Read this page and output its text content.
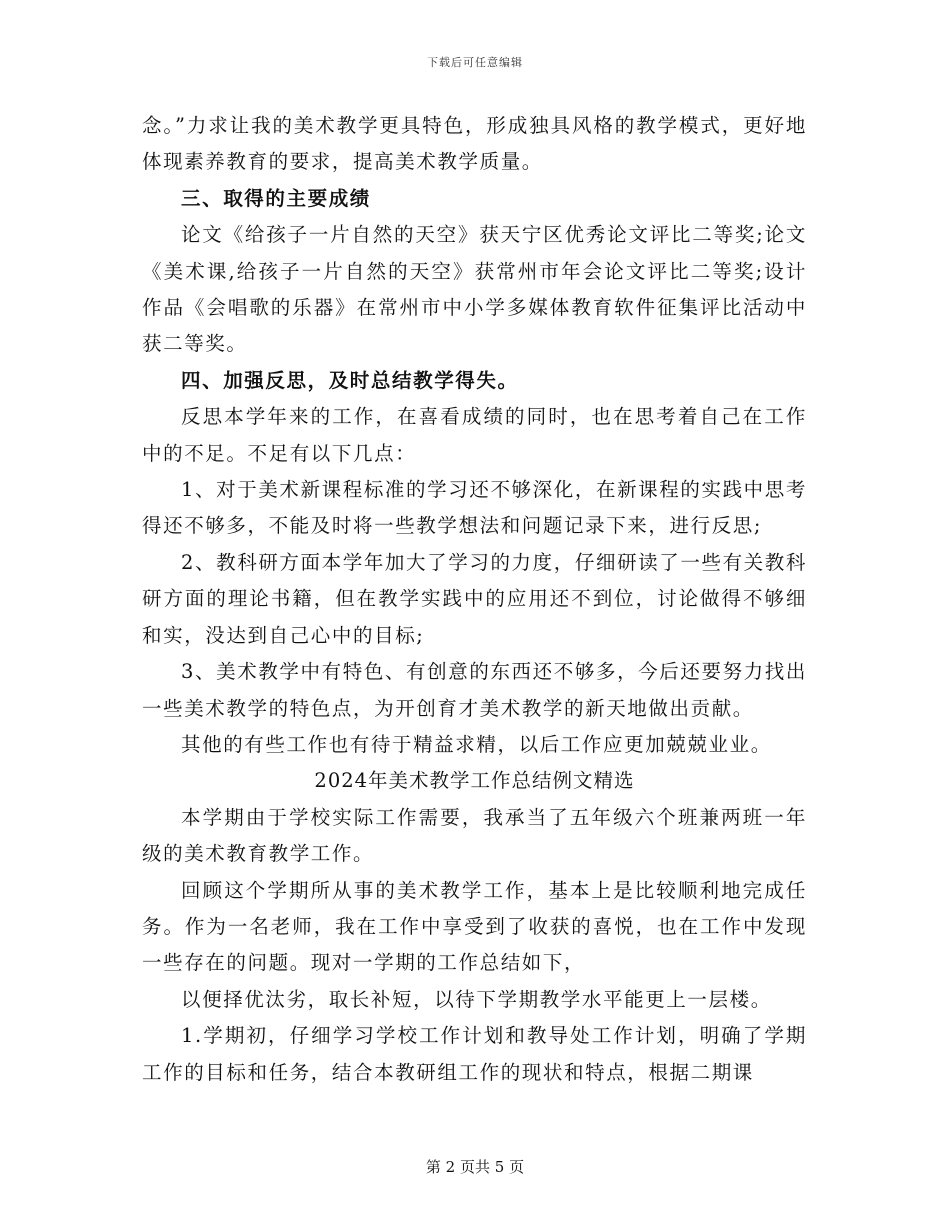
下载后可任意编辑

念。”力求让我的美术教学更具特色，形成独具风格的教学模式，更好地体现素养教育的要求，提高美术教学质量。

三、取得的主要成绩

论文《给孩子一片自然的天空》获天宁区优秀论文评比二等奖;论文《美术课,给孩子一片自然的天空》获常州市年会论文评比二等奖;设计作品《会唱歌的乐器》在常州市中小学多媒体教育软件征集评比活动中获二等奖。

四、加强反思，及时总结教学得失。

反思本学年来的工作，在喜看成绩的同时，也在思考着自己在工作中的不足。不足有以下几点：

1、对于美术新课程标准的学习还不够深化，在新课程的实践中思考得还不够多，不能及时将一些教学想法和问题记录下来，进行反思;

2、教科研方面本学年加大了学习的力度，仔细研读了一些有关教科研方面的理论书籍，但在教学实践中的应用还不到位，讨论做得不够细和实，没达到自己心中的目标;

3、美术教学中有特色、有创意的东西还不够多，今后还要努力找出一些美术教学的特色点，为开创育才美术教学的新天地做出贡献。

其他的有些工作也有待于精益求精，以后工作应更加兢兢业业。

2024年美术教学工作总结例文精选

本学期由于学校实际工作需要，我承当了五年级六个班兼两班一年级的美术教育教学工作。

回顾这个学期所从事的美术教学工作，基本上是比较顺利地完成任务。作为一名老师，我在工作中享受到了收获的喜悦，也在工作中发现一些存在的问题。现对一学期的工作总结如下，

以便择优汰劣，取长补短，以待下学期教学水平能更上一层楼。

1.学期初，仔细学习学校工作计划和教导处工作计划，明确了学期工作的目标和任务，结合本教研组工作的现状和特点，根据二期课

第 2 页共 5 页
